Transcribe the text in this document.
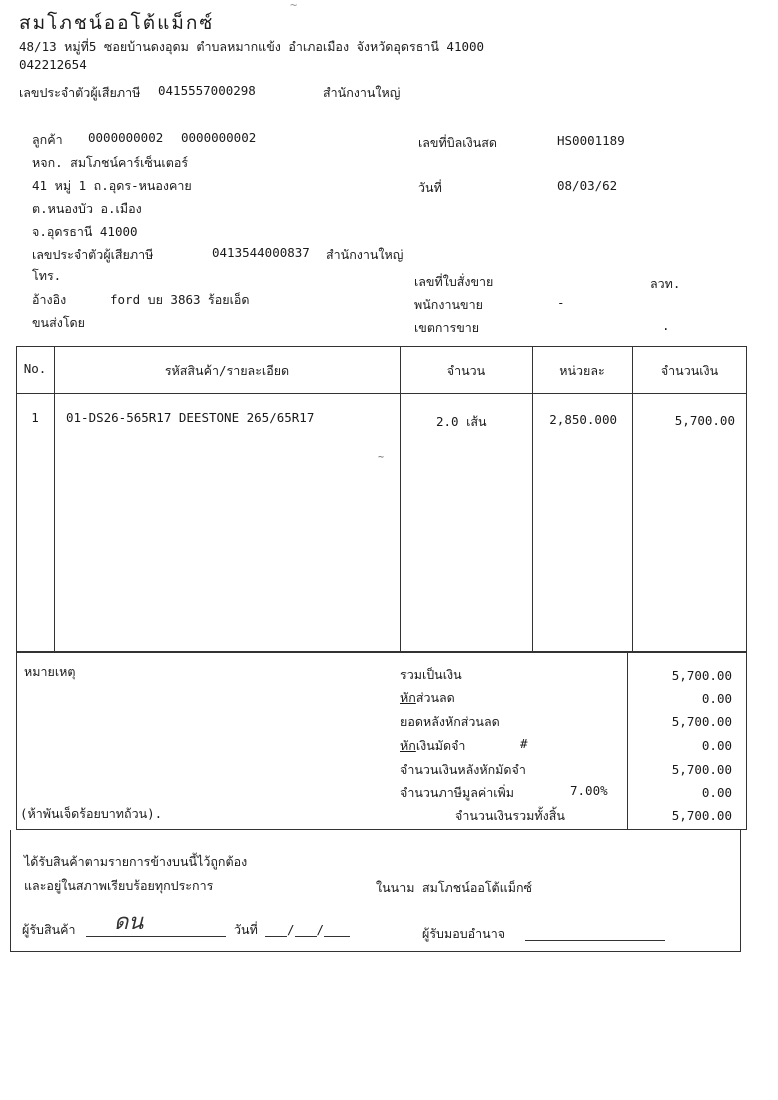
สมโภชน์ออโต้แม็กซ์
48/13 หมู่ที่5 ซอยบ้านดงอุดม ตำบลหมากแข้ง อำเภอเมือง จังหวัดอุดรธานี 41000
042212654
เลขประจำตัวผู้เสียภาษี 0415557000298	สำนักงานใหญ่
ลูกค้า 0000000002 0000000002
หจก. สมโภชน์คาร์เซ็นเตอร์
41 หมู่ 1 ถ.อุดร-หนองคาย
ต.หนองบัว อ.เมือง
จ.อุดรธานี 41000
เลขประจำตัวผู้เสียภาษี	0413544000837 สำนักงานใหญ่
โทร.
อ้างอิง	ford บย 3863 ร้อยเอ็ด
ขนส่งโดย
เลขที่บิลเงินสด	HS0001189
วันที่	08/03/62
เลขที่ใบสั่งขาย	ลวท.
พนักงานขาย	-
เขตการขาย	.
No.	รหัสสินค้า/รายละเอียด	จำนวน	หน่วยละ	จำนวนเงิน
1	01-DS26-565R17 DEESTONE 265/65R17	2.0 เส้น	2,850.000	5,700.00
หมายเหตุ
(ห้าพันเจ็ดร้อยบาทถ้วน).
รวมเป็นเงิน	5,700.00
หักส่วนลด	0.00
ยอดหลังหักส่วนลด	5,700.00
หักเงินมัดจำ	#	0.00
จำนวนเงินหลังหักมัดจำ	5,700.00
จำนวนภาษีมูลค่าเพิ่ม	7.00%	0.00
จำนวนเงินรวมทั้งสิ้น	5,700.00
ได้รับสินค้าตามรายการข้างบนนี้ไว้ถูกต้อง
และอยู่ในสภาพเรียบร้อยทุกประการ	ในนาม สมโภชน์ออโต้แม็กซ์
ผู้รับสินค้า ดน	วันที่	/ /	ผู้รับมอบอำนาจ
~
~
